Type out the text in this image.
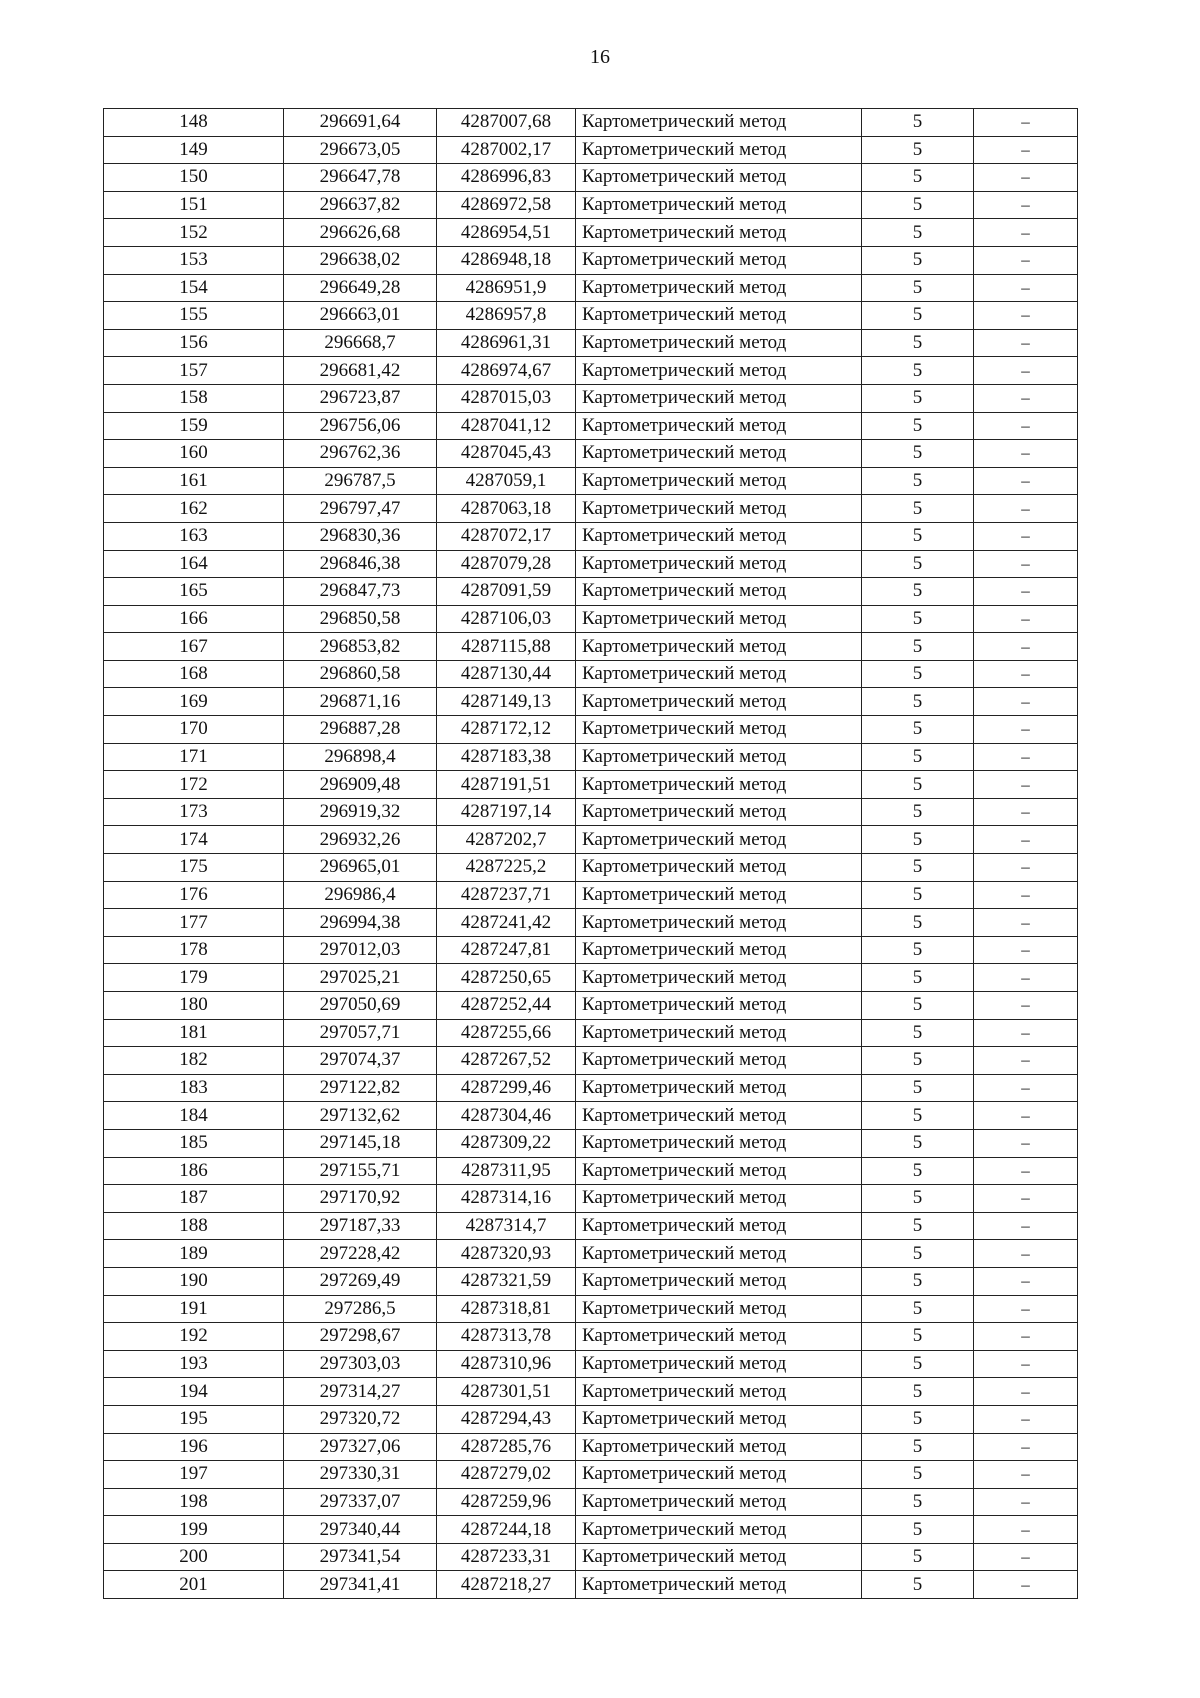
16
148	296691,64	4287007,68	Картометрический метод	5	–
149	296673,05	4287002,17	Картометрический метод	5	–
150	296647,78	4286996,83	Картометрический метод	5	–
151	296637,82	4286972,58	Картометрический метод	5	–
152	296626,68	4286954,51	Картометрический метод	5	–
153	296638,02	4286948,18	Картометрический метод	5	–
154	296649,28	4286951,9	Картометрический метод	5	–
155	296663,01	4286957,8	Картометрический метод	5	–
156	296668,7	4286961,31	Картометрический метод	5	–
157	296681,42	4286974,67	Картометрический метод	5	–
158	296723,87	4287015,03	Картометрический метод	5	–
159	296756,06	4287041,12	Картометрический метод	5	–
160	296762,36	4287045,43	Картометрический метод	5	–
161	296787,5	4287059,1	Картометрический метод	5	–
162	296797,47	4287063,18	Картометрический метод	5	–
163	296830,36	4287072,17	Картометрический метод	5	–
164	296846,38	4287079,28	Картометрический метод	5	–
165	296847,73	4287091,59	Картометрический метод	5	–
166	296850,58	4287106,03	Картометрический метод	5	–
167	296853,82	4287115,88	Картометрический метод	5	–
168	296860,58	4287130,44	Картометрический метод	5	–
169	296871,16	4287149,13	Картометрический метод	5	–
170	296887,28	4287172,12	Картометрический метод	5	–
171	296898,4	4287183,38	Картометрический метод	5	–
172	296909,48	4287191,51	Картометрический метод	5	–
173	296919,32	4287197,14	Картометрический метод	5	–
174	296932,26	4287202,7	Картометрический метод	5	–
175	296965,01	4287225,2	Картометрический метод	5	–
176	296986,4	4287237,71	Картометрический метод	5	–
177	296994,38	4287241,42	Картометрический метод	5	–
178	297012,03	4287247,81	Картометрический метод	5	–
179	297025,21	4287250,65	Картометрический метод	5	–
180	297050,69	4287252,44	Картометрический метод	5	–
181	297057,71	4287255,66	Картометрический метод	5	–
182	297074,37	4287267,52	Картометрический метод	5	–
183	297122,82	4287299,46	Картометрический метод	5	–
184	297132,62	4287304,46	Картометрический метод	5	–
185	297145,18	4287309,22	Картометрический метод	5	–
186	297155,71	4287311,95	Картометрический метод	5	–
187	297170,92	4287314,16	Картометрический метод	5	–
188	297187,33	4287314,7	Картометрический метод	5	–
189	297228,42	4287320,93	Картометрический метод	5	–
190	297269,49	4287321,59	Картометрический метод	5	–
191	297286,5	4287318,81	Картометрический метод	5	–
192	297298,67	4287313,78	Картометрический метод	5	–
193	297303,03	4287310,96	Картометрический метод	5	–
194	297314,27	4287301,51	Картометрический метод	5	–
195	297320,72	4287294,43	Картометрический метод	5	–
196	297327,06	4287285,76	Картометрический метод	5	–
197	297330,31	4287279,02	Картометрический метод	5	–
198	297337,07	4287259,96	Картометрический метод	5	–
199	297340,44	4287244,18	Картометрический метод	5	–
200	297341,54	4287233,31	Картометрический метод	5	–
201	297341,41	4287218,27	Картометрический метод	5	–
